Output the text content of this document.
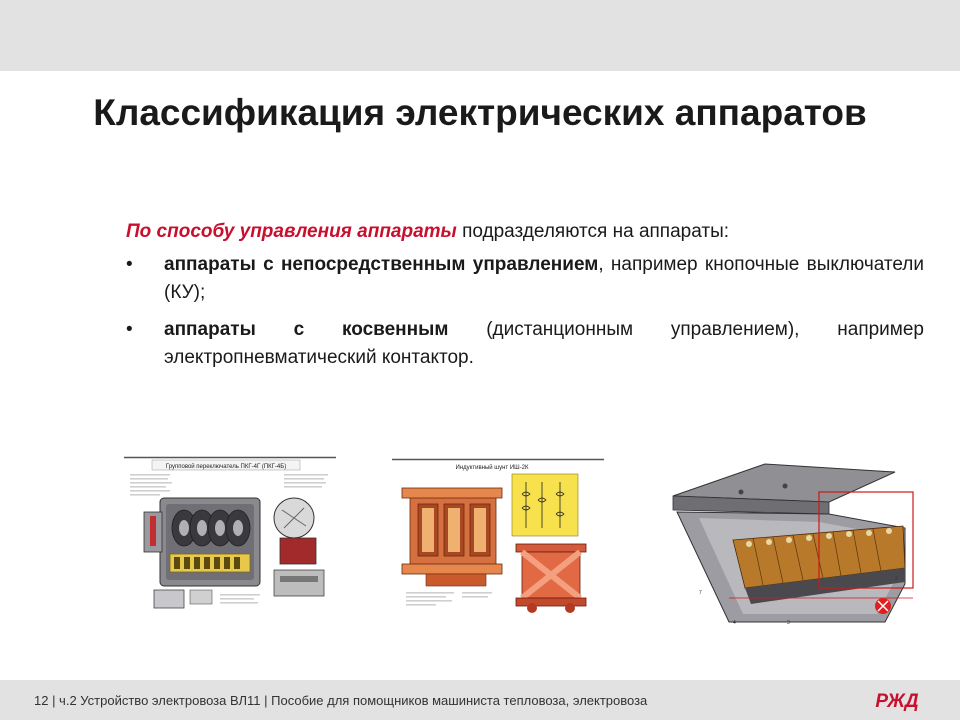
Классификация электрических аппаратов

По способу управления аппараты подразделяются на аппараты:

• аппараты с непосредственным управлением, например кнопочные выключатели (КУ);
• аппараты с косвенным (дистанционным управлением), например электропневматический контактор.
Групповой переключатель ПКГ-4Г (ПКГ-4Б)	Индуктивный шунт ИШ-2К
7
4	3
2
12 | ч.2 Устройство электровоза ВЛ11 | Пособие для помощников машиниста тепловоза, электровоза	РЖД
